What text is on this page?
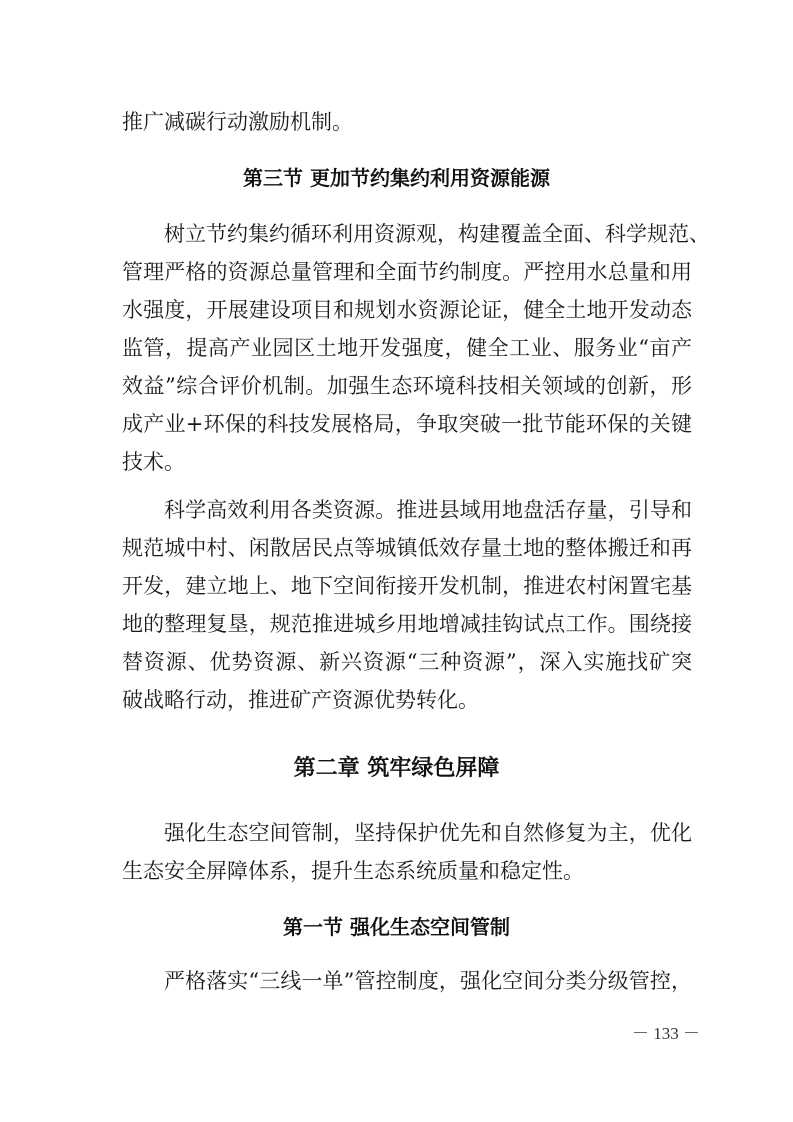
推广减碳行动激励机制。
第三节 更加节约集约利用资源能源
树立节约集约循环利用资源观，构建覆盖全面、科学规范、
管理严格的资源总量管理和全面节约制度。严控用水总量和用
水强度，开展建设项目和规划水资源论证，健全土地开发动态
监管，提高产业园区土地开发强度，健全工业、服务业“亩产
效益”综合评价机制。加强生态环境科技相关领域的创新，形
成产业+环保的科技发展格局，争取突破一批节能环保的关键
技术。
科学高效利用各类资源。推进县域用地盘活存量，引导和
规范城中村、闲散居民点等城镇低效存量土地的整体搬迁和再
开发，建立地上、地下空间衔接开发机制，推进农村闲置宅基
地的整理复垦，规范推进城乡用地增减挂钩试点工作。围绕接
替资源、优势资源、新兴资源“三种资源”，深入实施找矿突
破战略行动，推进矿产资源优势转化。
第二章 筑牢绿色屏障
强化生态空间管制，坚持保护优先和自然修复为主，优化
生态安全屏障体系，提升生态系统质量和稳定性。
第一节 强化生态空间管制
严格落实“三线一单”管控制度，强化空间分类分级管控，
－ 133 －
